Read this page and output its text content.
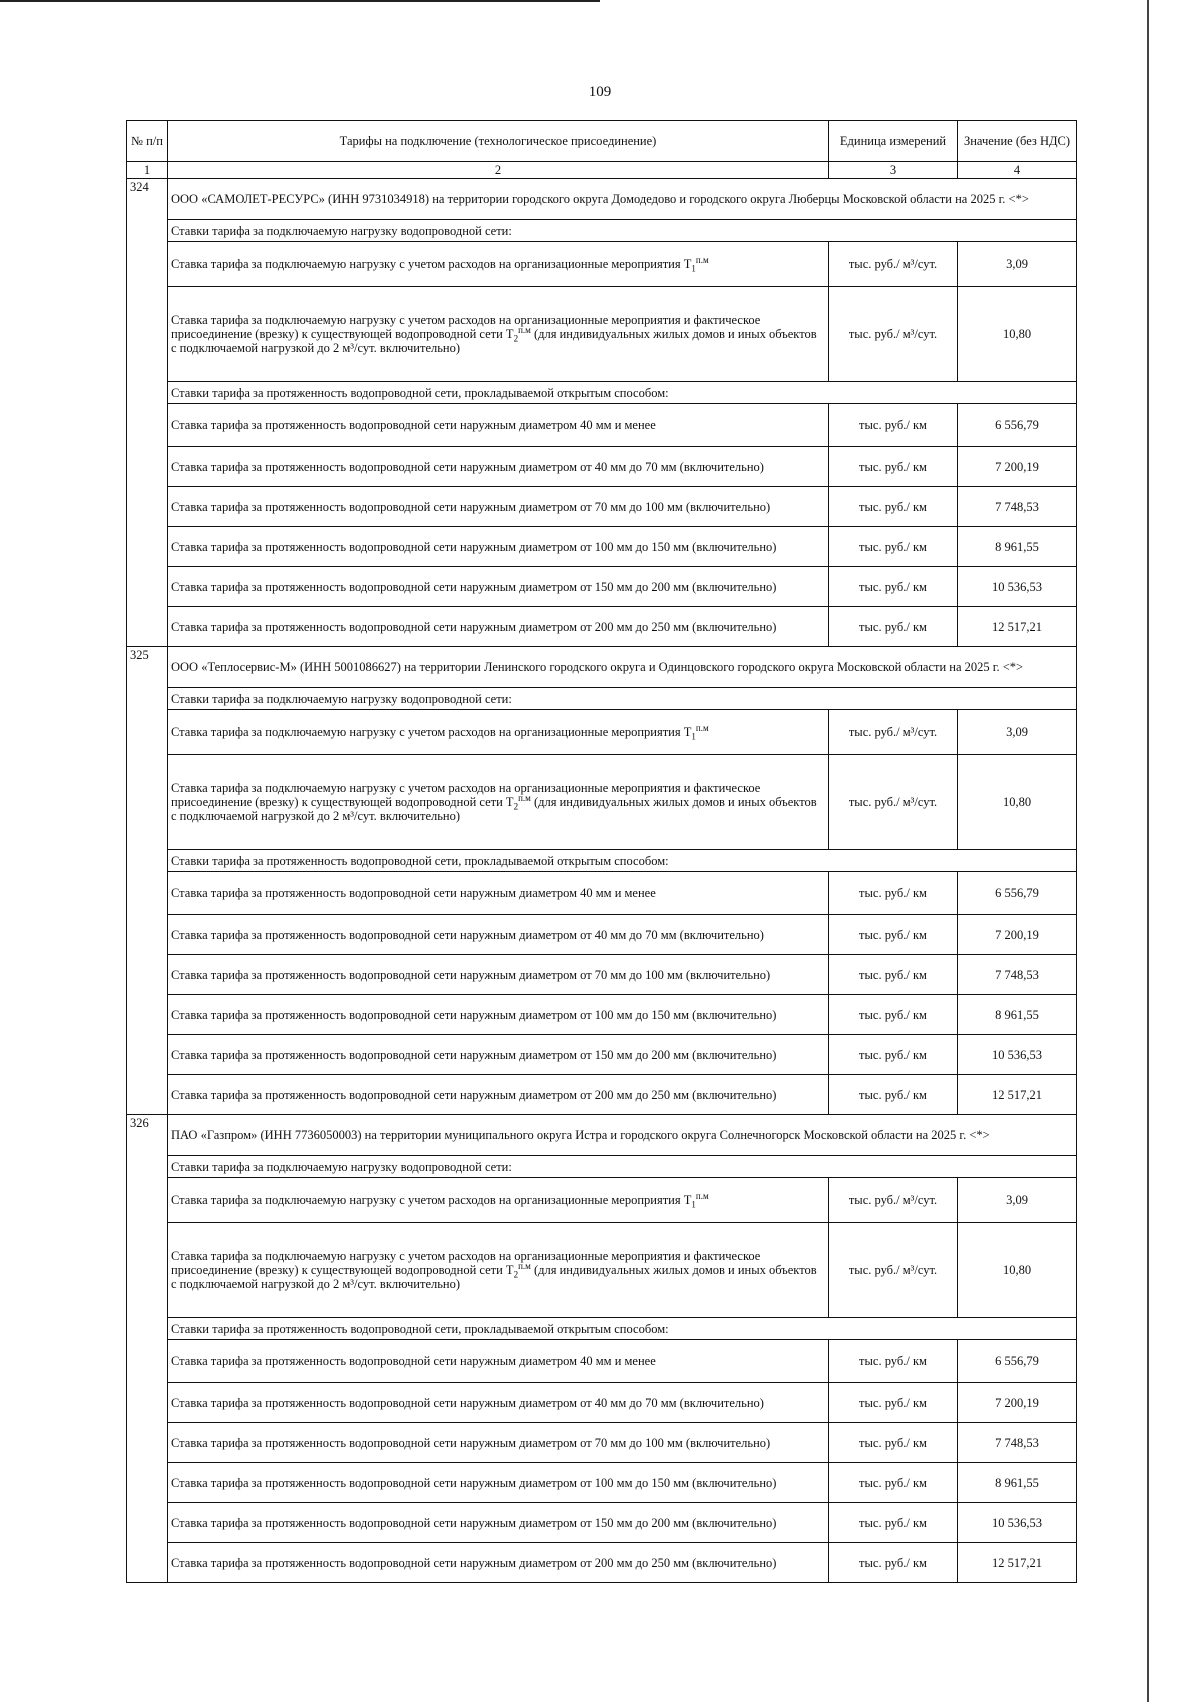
109
№ п/п	Тарифы на подключение (технологическое присоединение)	Единица измерений	Значение (без НДС)
1	2	3	4
324	ООО «САМОЛЕТ-РЕСУРС» (ИНН 9731034918) на территории городского округа Домодедово и городского округа Люберцы Московской области на 2025 г. <*>		
	Ставки тарифа за подключаемую нагрузку водопроводной сети:		
	Ставка тарифа за подключаемую нагрузку с учетом расходов на организационные мероприятия $T_1^{п.м}$	тыс. руб./ м³/сут.	3,09
	Ставка тарифа за подключаемую нагрузку с учетом расходов на организационные мероприятия и фактическое присоединение (врезку) к существующей водопроводной сети $T_2^{п.м}$ (для индивидуальных жилых домов и иных объектов с подключаемой нагрузкой до 2 м³/сут. включительно)	тыс. руб./ м³/сут.	10,80
	Ставки тарифа за протяженность водопроводной сети, прокладываемой открытым способом:		
	Ставка тарифа за протяженность водопроводной сети наружным диаметром 40 мм и менее	тыс. руб./ км	6 556,79
	Ставка тарифа за протяженность водопроводной сети наружным диаметром от 40 мм до 70 мм (включительно)	тыс. руб./ км	7 200,19
	Ставка тарифа за протяженность водопроводной сети наружным диаметром от 70 мм до 100 мм (включительно)	тыс. руб./ км	7 748,53
	Ставка тарифа за протяженность водопроводной сети наружным диаметром от 100 мм до 150 мм (включительно)	тыс. руб./ км	8 961,55
	Ставка тарифа за протяженность водопроводной сети наружным диаметром от 150 мм до 200 мм (включительно)	тыс. руб./ км	10 536,53
	Ставка тарифа за протяженность водопроводной сети наружным диаметром от 200 мм до 250 мм (включительно)	тыс. руб./ км	12 517,21
325	ООО «Теплосервис-М» (ИНН 5001086627) на территории Ленинского городского округа и Одинцовского городского округа Московской области на 2025 г. <*>		
	Ставки тарифа за подключаемую нагрузку водопроводной сети:		
	Ставка тарифа за подключаемую нагрузку с учетом расходов на организационные мероприятия $T_1^{п.м}$	тыс. руб./ м³/сут.	3,09
	Ставка тарифа за подключаемую нагрузку с учетом расходов на организационные мероприятия и фактическое присоединение (врезку) к существующей водопроводной сети $T_2^{п.м}$ (для индивидуальных жилых домов и иных объектов с подключаемой нагрузкой до 2 м³/сут. включительно)	тыс. руб./ м³/сут.	10,80
	Ставки тарифа за протяженность водопроводной сети, прокладываемой открытым способом:		
	Ставка тарифа за протяженность водопроводной сети наружным диаметром 40 мм и менее	тыс. руб./ км	6 556,79
	Ставка тарифа за протяженность водопроводной сети наружным диаметром от 40 мм до 70 мм (включительно)	тыс. руб./ км	7 200,19
	Ставка тарифа за протяженность водопроводной сети наружным диаметром от 70 мм до 100 мм (включительно)	тыс. руб./ км	7 748,53
	Ставка тарифа за протяженность водопроводной сети наружным диаметром от 100 мм до 150 мм (включительно)	тыс. руб./ км	8 961,55
	Ставка тарифа за протяженность водопроводной сети наружным диаметром от 150 мм до 200 мм (включительно)	тыс. руб./ км	10 536,53
	Ставка тарифа за протяженность водопроводной сети наружным диаметром от 200 мм до 250 мм (включительно)	тыс. руб./ км	12 517,21
326	ПАО «Газпром» (ИНН 7736050003) на территории муниципального округа Истра и городского округа Солнечногорск Московской области на 2025 г. <*>		
	Ставки тарифа за подключаемую нагрузку водопроводной сети:		
	Ставка тарифа за подключаемую нагрузку с учетом расходов на организационные мероприятия $T_1^{п.м}$	тыс. руб./ м³/сут.	3,09
	Ставка тарифа за подключаемую нагрузку с учетом расходов на организационные мероприятия и фактическое присоединение (врезку) к существующей водопроводной сети $T_2^{п.м}$ (для индивидуальных жилых домов и иных объектов с подключаемой нагрузкой до 2 м³/сут. включительно)	тыс. руб./ м³/сут.	10,80
	Ставки тарифа за протяженность водопроводной сети, прокладываемой открытым способом:		
	Ставка тарифа за протяженность водопроводной сети наружным диаметром 40 мм и менее	тыс. руб./ км	6 556,79
	Ставка тарифа за протяженность водопроводной сети наружным диаметром от 40 мм до 70 мм (включительно)	тыс. руб./ км	7 200,19
	Ставка тарифа за протяженность водопроводной сети наружным диаметром от 70 мм до 100 мм (включительно)	тыс. руб./ км	7 748,53
	Ставка тарифа за протяженность водопроводной сети наружным диаметром от 100 мм до 150 мм (включительно)	тыс. руб./ км	8 961,55
	Ставка тарифа за протяженность водопроводной сети наружным диаметром от 150 мм до 200 мм (включительно)	тыс. руб./ км	10 536,53
	Ставка тарифа за протяженность водопроводной сети наружным диаметром от 200 мм до 250 мм (включительно)	тыс. руб./ км	12 517,21
